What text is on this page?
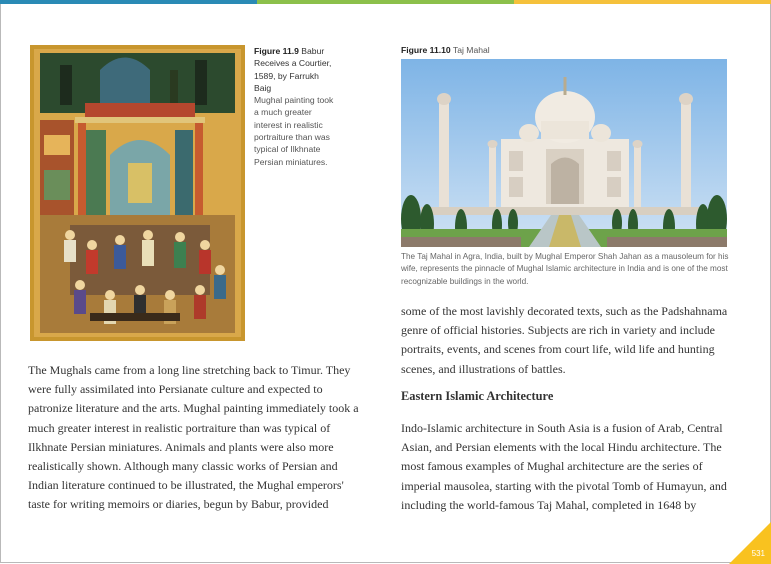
Figure 11.9 Babur Receives a Courtier, 1589, by Farrukh Baig
Mughal painting took a much greater interest in realistic portraiture than was typical of Ilkhnate Persian miniatures.
Figure 11.10 Taj Mahal
The Taj Mahal in Agra, India, built by Mughal Emperor Shah Jahan as a mausoleum for his wife, represents the pinnacle of Mughal Islamic architecture in India and is one of the most recognizable buildings in the world.
The Mughals came from a long line stretching back to Timur. They were fully assimilated into Persianate culture and expected to patronize literature and the arts. Mughal painting immediately took a much greater interest in realistic portraiture than was typical of Ilkhnate Persian miniatures. Animals and plants were also more realistically shown. Although many classic works of Persian and Indian literature continued to be illustrated, the Mughal emperors' taste for writing memoirs or diaries, begun by Babur, provided
some of the most lavishly decorated texts, such as the Padshahnama genre of official histories. Subjects are rich in variety and include portraits, events, and scenes from court life, wild life and hunting scenes, and illustrations of battles.
Eastern Islamic Architecture
Indo-Islamic architecture in South Asia is a fusion of Arab, Central Asian, and Persian elements with the local Hindu architecture. The most famous examples of Mughal architecture are the series of imperial mausolea, starting with the pivotal Tomb of Humayun, and including the world-famous Taj Mahal, completed in 1648 by
531
